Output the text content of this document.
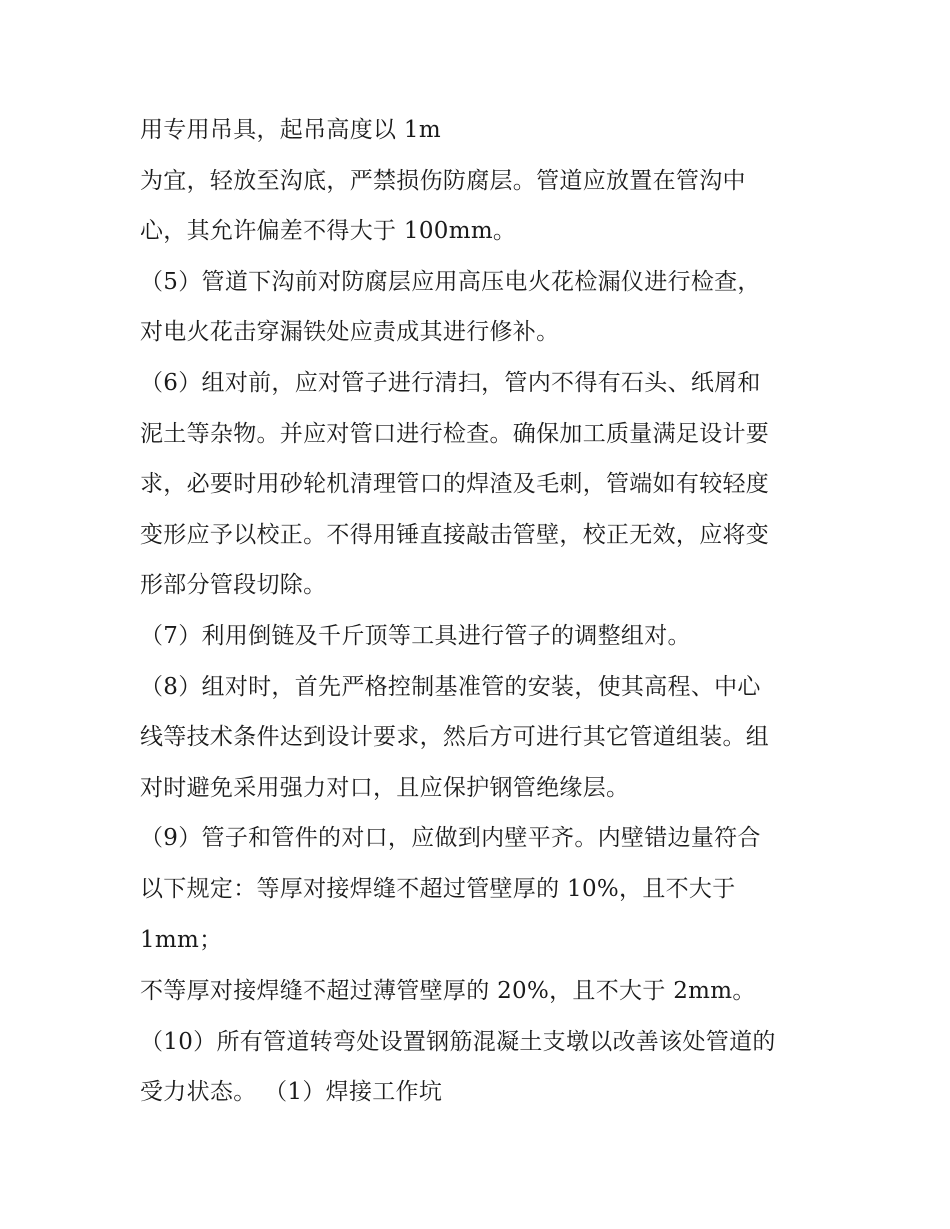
用专用吊具，起吊高度以 1m
为宜，轻放至沟底，严禁损伤防腐层。管道应放置在管沟中
心，其允许偏差不得大于 100mm。
（5）管道下沟前对防腐层应用高压电火花检漏仪进行检查，
对电火花击穿漏铁处应责成其进行修补。
（6）组对前，应对管子进行清扫，管内不得有石头、纸屑和
泥土等杂物。并应对管口进行检查。确保加工质量满足设计要
求，必要时用砂轮机清理管口的焊渣及毛刺，管端如有较轻度
变形应予以校正。不得用锤直接敲击管壁，校正无效，应将变
形部分管段切除。
（7）利用倒链及千斤顶等工具进行管子的调整组对。
（8）组对时，首先严格控制基准管的安装，使其高程、中心
线等技术条件达到设计要求，然后方可进行其它管道组装。组
对时避免采用强力对口，且应保护钢管绝缘层。
（9）管子和管件的对口，应做到内壁平齐。内壁错边量符合
以下规定：等厚对接焊缝不超过管壁厚的 10%，且不大于
1mm；
不等厚对接焊缝不超过薄管壁厚的 20%，且不大于 2mm。
（10）所有管道转弯处设置钢筋混凝土支墩以改善该处管道的
受力状态。 （1）焊接工作坑
